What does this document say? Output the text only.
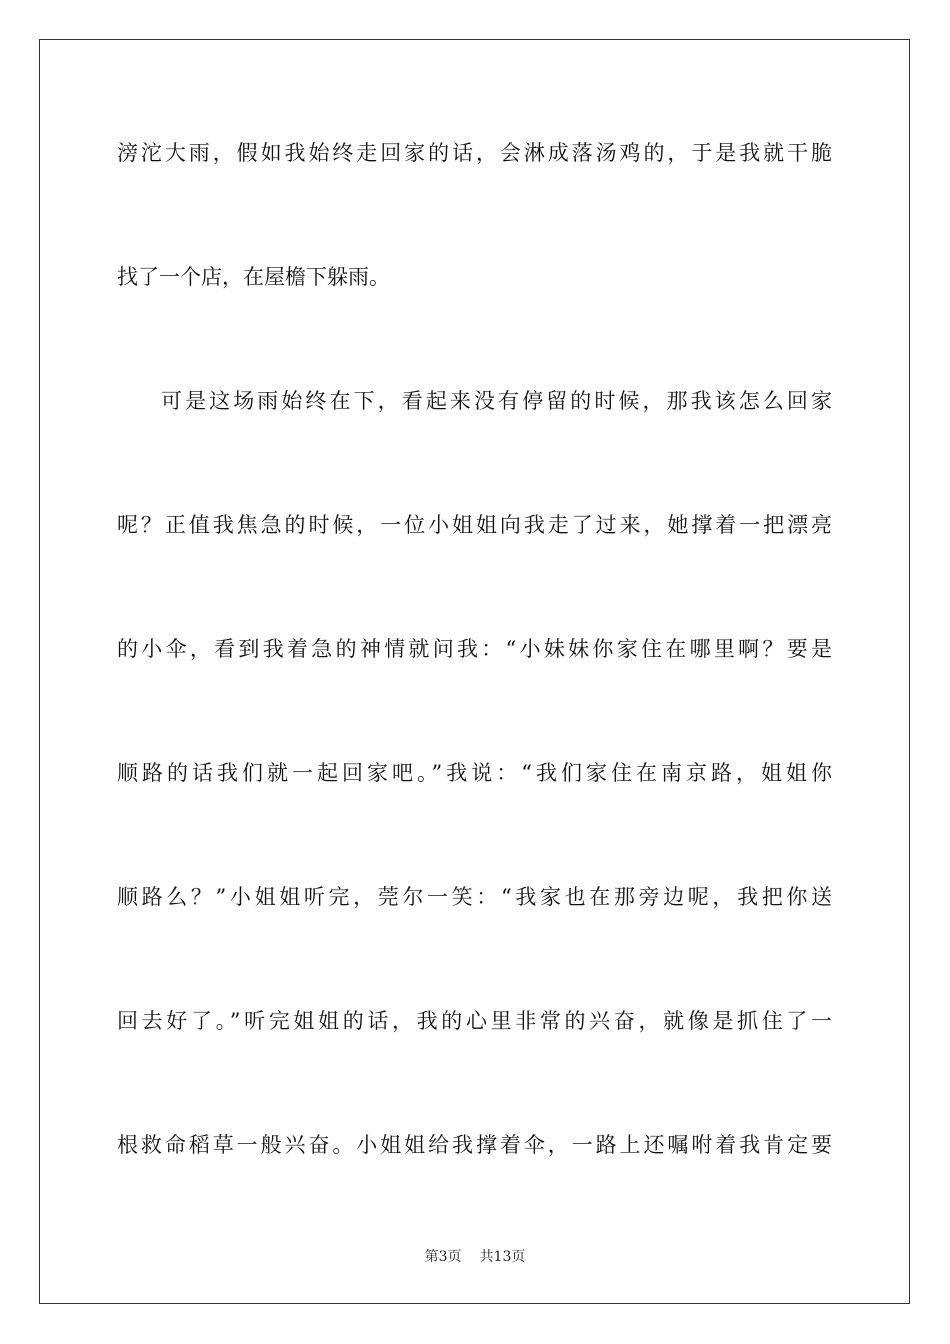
滂沱大雨，假如我始终走回家的话，会淋成落汤鸡的，于是我就干脆
找了一个店，在屋檐下躲雨。
可是这场雨始终在下，看起来没有停留的时候，那我该怎么回家
呢？正值我焦急的时候，一位小姐姐向我走了过来，她撑着一把漂亮
的小伞，看到我着急的神情就问我：“小妹妹你家住在哪里啊？要是
顺路的话我们就一起回家吧。”我说：“我们家住在南京路，姐姐你
顺路么？”小姐姐听完，莞尔一笑：“我家也在那旁边呢，我把你送
回去好了。”听完姐姐的话，我的心里非常的兴奋，就像是抓住了一
根救命稻草一般兴奋。小姐姐给我撑着伞，一路上还嘱咐着我肯定要
第3页 共13页
